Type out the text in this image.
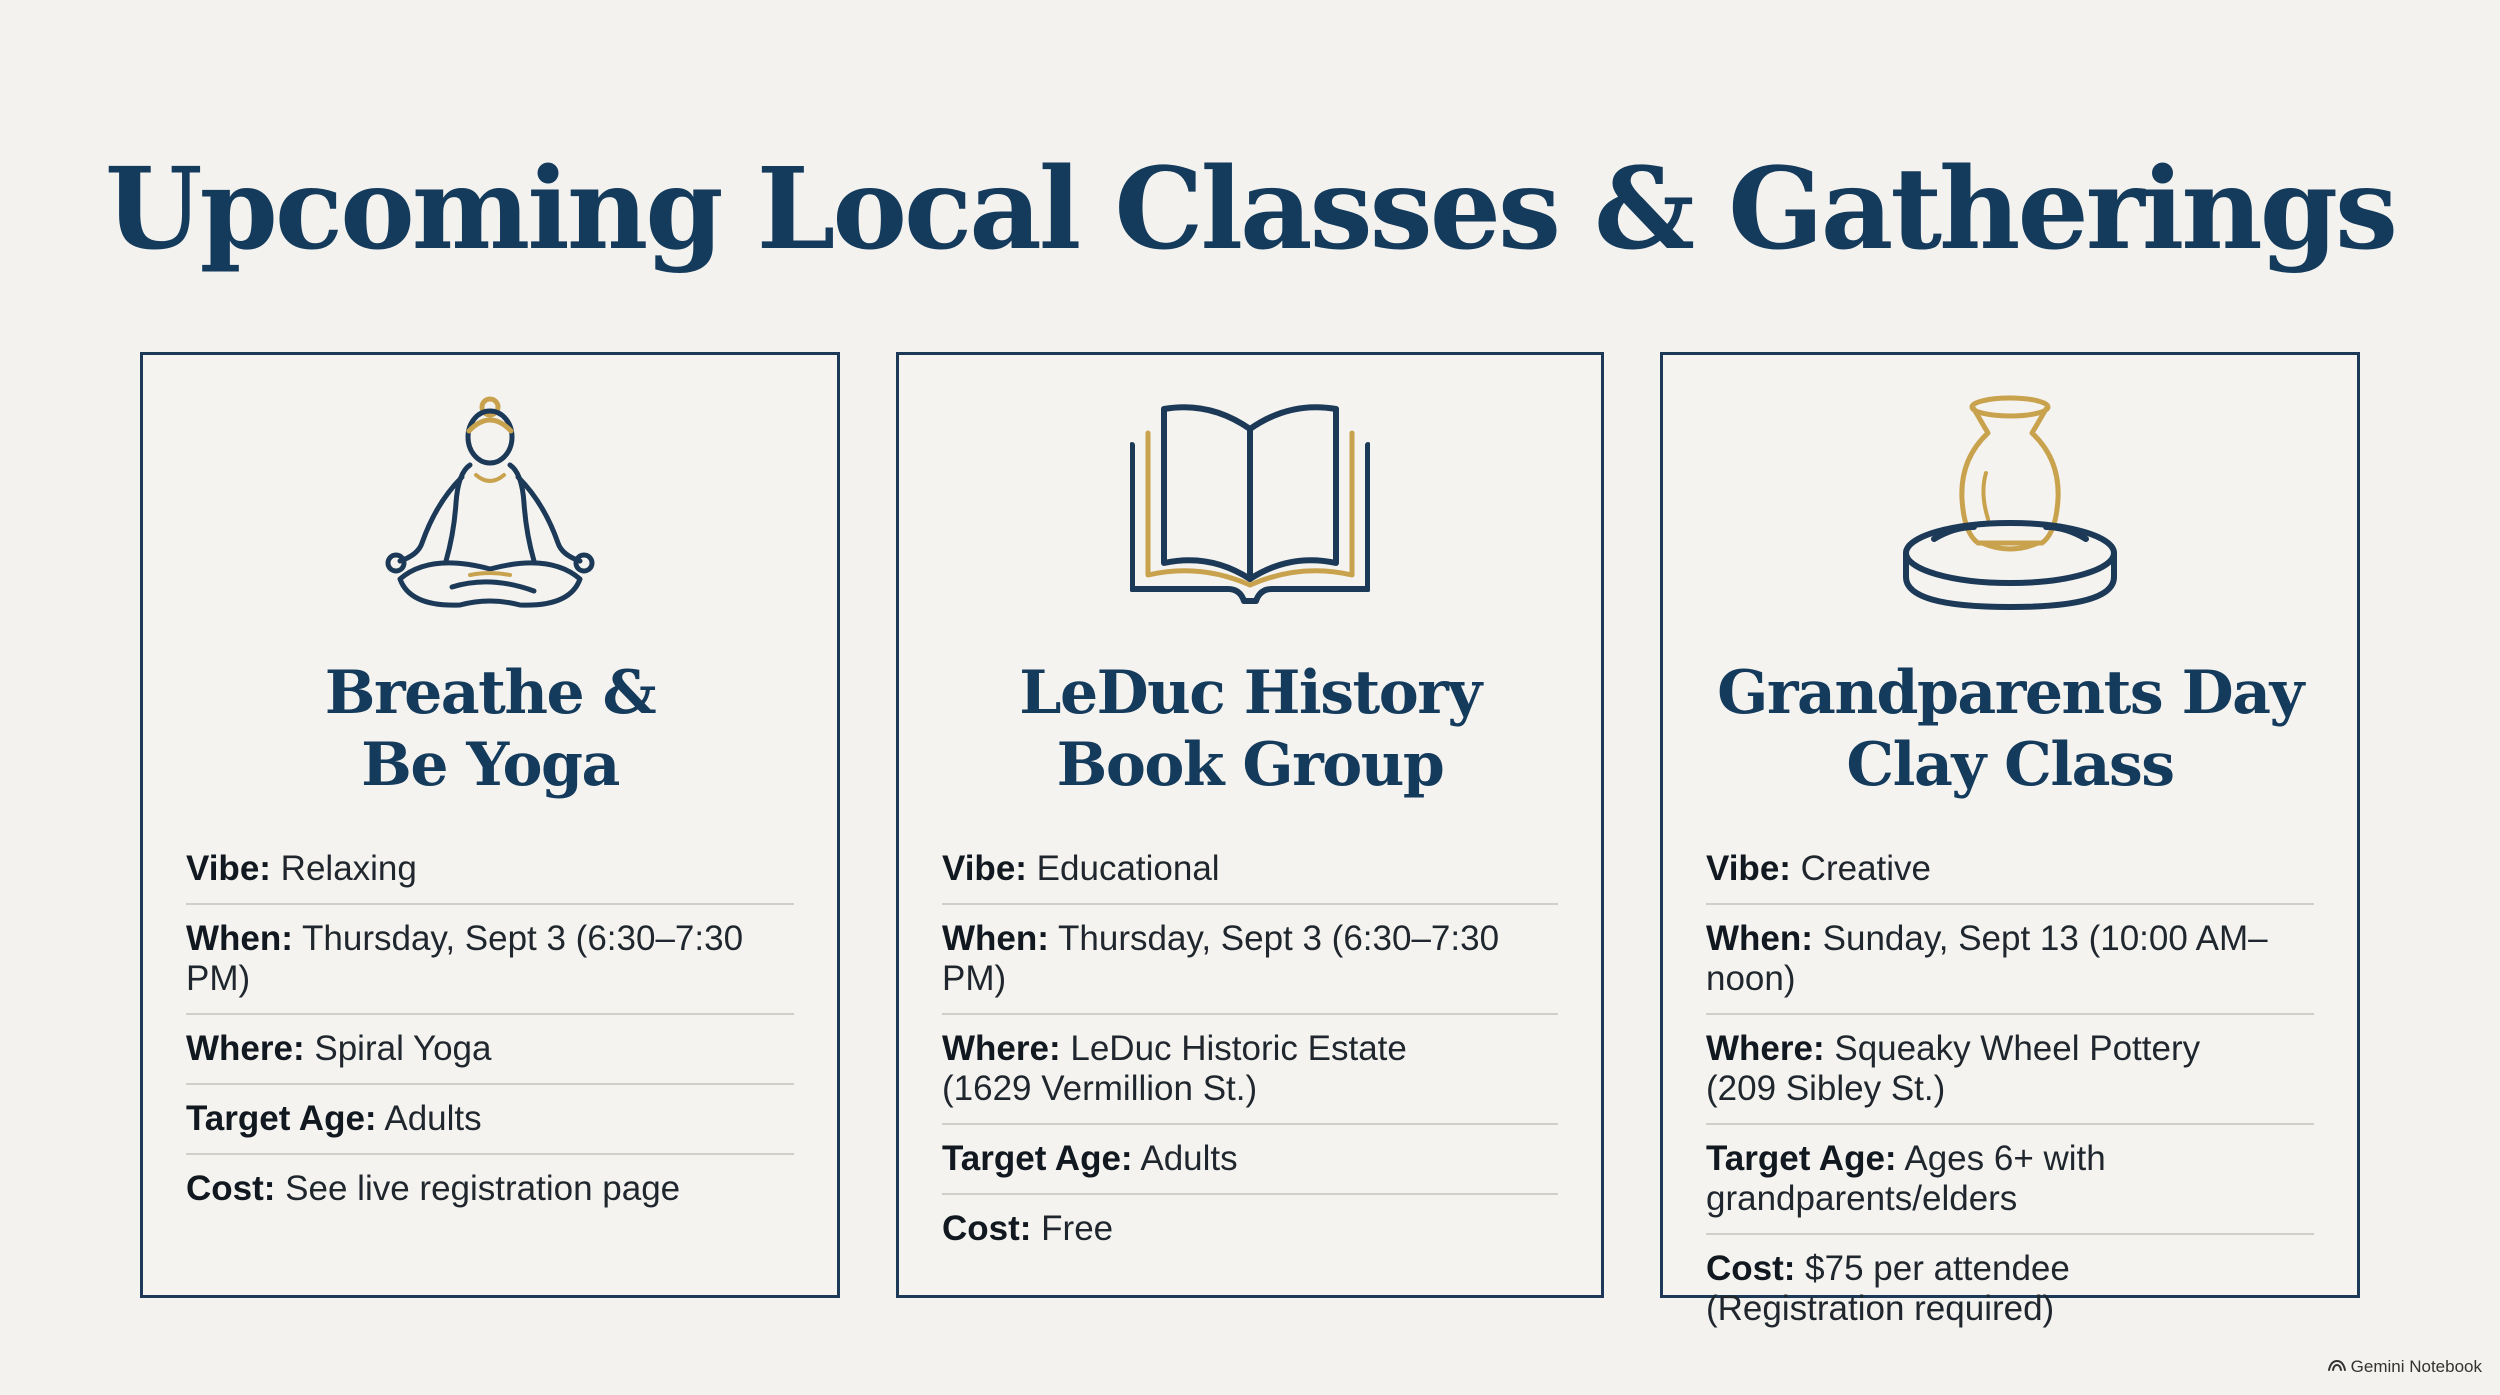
Upcoming Local Classes & Gatherings
Breathe &
Be Yoga
Vibe: Relaxing
When: Thursday, Sept 3 (6:30–7:30 PM)
Where: Spiral Yoga
Target Age: Adults
Cost: See live registration page
LeDuc History
Book Group
Vibe: Educational
When: Thursday, Sept 3 (6:30–7:30 PM)
Where: LeDuc Historic Estate
(1629 Vermillion St.)
Target Age: Adults
Cost: Free
Grandparents Day
Clay Class
Vibe: Creative
When: Sunday, Sept 13 (10:00 AM–noon)
Where: Squeaky Wheel Pottery
(209 Sibley St.)
Target Age: Ages 6+ with
grandparents/elders
Cost: $75 per attendee
(Registration required)
Gemini Notebook
